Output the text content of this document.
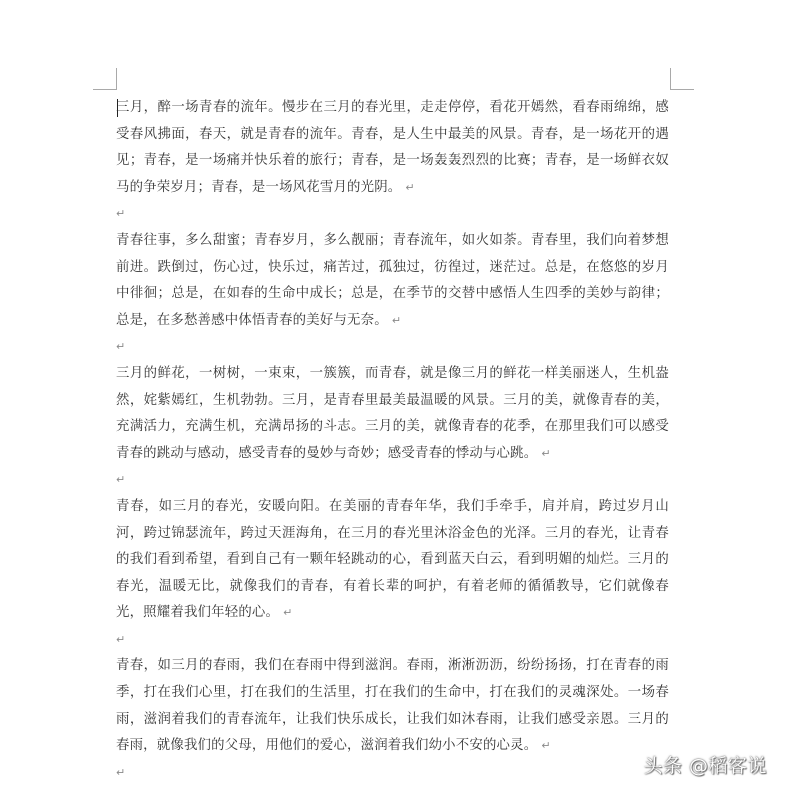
三月，醉一场青春的流年。慢步在三月的春光里，走走停停，看花开嫣然，看春雨绵绵，感受春风拂面，春天，就是青春的流年。青春，是人生中最美的风景。青春，是一场花开的遇见；青春，是一场痛并快乐着的旅行；青春，是一场轰轰烈烈的比赛；青春，是一场鲜衣奴马的争荣岁月；青春，是一场风花雪月的光阴。 ↵

↵

青春往事，多么甜蜜；青春岁月，多么靓丽；青春流年，如火如荼。青春里，我们向着梦想前进。跌倒过，伤心过，快乐过，痛苦过，孤独过，彷徨过，迷茫过。总是，在悠悠的岁月中徘徊；总是，在如春的生命中成长；总是，在季节的交替中感悟人生四季的美妙与韵律；总是，在多愁善感中体悟青春的美好与无奈。 ↵

↵

三月的鲜花，一树树，一束束，一簇簇，而青春，就是像三月的鲜花一样美丽迷人，生机盎然，姹紫嫣红，生机勃勃。三月，是青春里最美最温暖的风景。三月的美，就像青春的美，充满活力，充满生机，充满昂扬的斗志。三月的美，就像青春的花季，在那里我们可以感受青春的跳动与感动，感受青春的曼妙与奇妙；感受青春的悸动与心跳。 ↵

↵

青春，如三月的春光，安暖向阳。在美丽的青春年华，我们手牵手，肩并肩，跨过岁月山河，跨过锦瑟流年，跨过天涯海角，在三月的春光里沐浴金色的光泽。三月的春光，让青春的我们看到希望，看到自己有一颗年轻跳动的心，看到蓝天白云，看到明媚的灿烂。三月的春光，温暖无比，就像我们的青春，有着长辈的呵护，有着老师的循循教导，它们就像春光，照耀着我们年轻的心。 ↵

↵

青春，如三月的春雨，我们在春雨中得到滋润。春雨，淅淅沥沥，纷纷扬扬，打在青春的雨季，打在我们心里，打在我们的生活里，打在我们的生命中，打在我们的灵魂深处。一场春雨，滋润着我们的青春流年，让我们快乐成长，让我们如沐春雨，让我们感受亲恩。三月的春雨，就像我们的父母，用他们的爱心，滋润着我们幼小不安的心灵。 ↵

↵	头条 @稻客说
